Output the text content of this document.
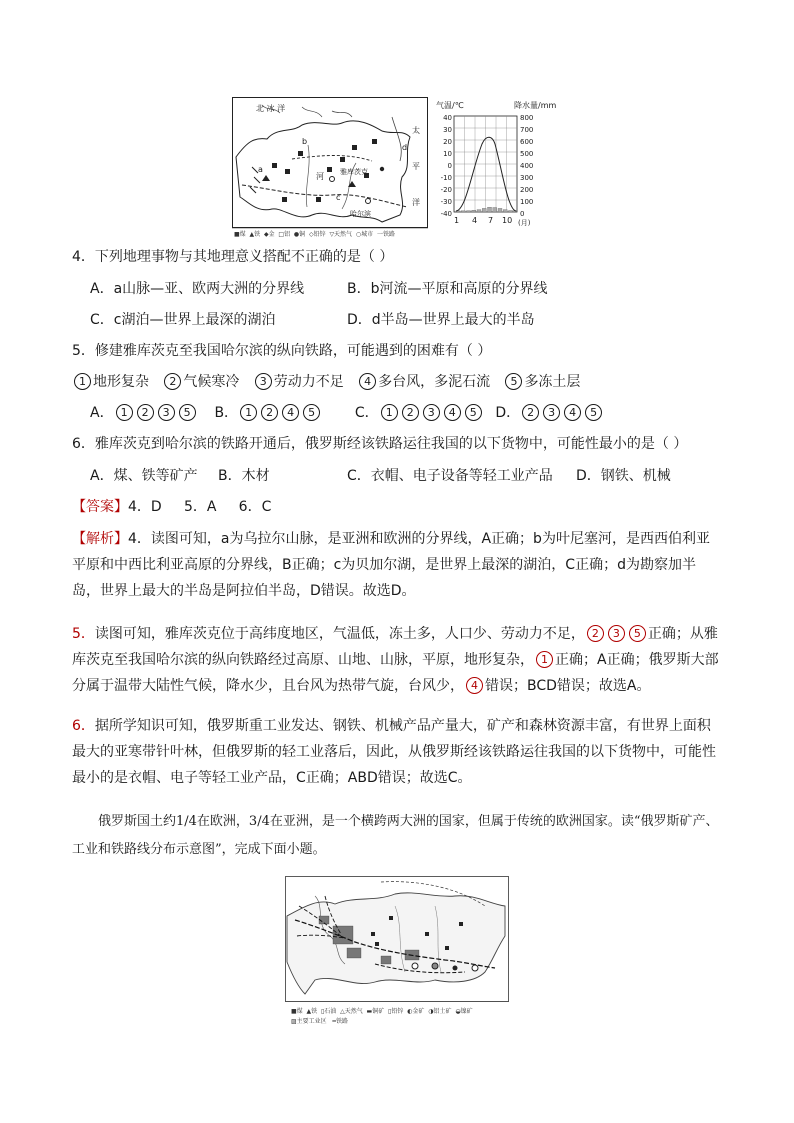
北 冰 洋
太
平
洋
雅库茨克
哈尔滨
河
a
b
c
d
■煤 ▲铁 ◆金 □铝 ●铜 ◇铅锌 ▽天然气 ○城市 一铁路
气温/℃	降水量/mm
40
30
20
10
0
-10
-20
-30
-40
800
700
600
500
400
300
200
100
0
1 4 7 10 (月)
4．下列地理事物与其地理意义搭配不正确的是（ ）
A．a山脉—亚、欧两大洲的分界线	B．b河流—平原和高原的分界线
C．c湖泊—世界上最深的湖泊	D．d半岛—世界上最大的半岛
5．修建雅库茨克至我国哈尔滨的纵向铁路，可能遇到的困难有（ ）
1 地形复杂 2 气候寒冷 3 劳动力不足 4 多台风，多泥石流 5 多冻土层
A． 1 2 3 5 B． 1 2 4 5	C． 1 2 3 4 5 D． 2 3 4 5
6．雅库茨克到哈尔滨的铁路开通后，俄罗斯经该铁路运往我国的以下货物中，可能性最小的是（ ）
A．煤、铁等矿产 B．木材	C．衣帽、电子设备等轻工业产品 D．钢铁、机械
【答案】4．D     5．A     6．C
【解析】4．读图可知，a为乌拉尔山脉，是亚洲和欧洲的分界线，A正确；b为叶尼塞河，是西西伯利亚平原和中西比利亚高原的分界线，B正确；c为贝加尔湖，是世界上最深的湖泊，C正确；d为勘察加半岛，世界上最大的半岛是阿拉伯半岛，D错误。故选D。
5．读图可知，雅库茨克位于高纬度地区，气温低，冻土多，人口少、劳动力不足， 2 3 5 正确；从雅库茨克至我国哈尔滨的纵向铁路经过高原、山地、山脉，平原，地形复杂， 1 正确；A正确；俄罗斯大部分属于温带大陆性气候，降水少，且台风为热带气旋，台风少， 4 错误；BCD错误；故选A。
6．据所学知识可知，俄罗斯重工业发达、钢铁、机械产品产量大，矿产和森林资源丰富，有世界上面积最大的亚寒带针叶林，但俄罗斯的轻工业落后，因此，从俄罗斯经该铁路运往我国的以下货物中，可能性最小的是衣帽、电子等轻工业产品，C正确；ABD错误；故选C。
俄罗斯国土约1/4在欧洲，3/4在亚洲，是一个横跨两大洲的国家，但属于传统的欧洲国家。读“俄罗斯矿产、工业和铁路线分布示意图”，完成下面小题。
■煤 ▲铁 ▯石油 △天然气 ▬铜矿 ▯铅锌 ◐金矿 ◑铝土矿 ◒镍矿
▨主要工业区 ━铁路
